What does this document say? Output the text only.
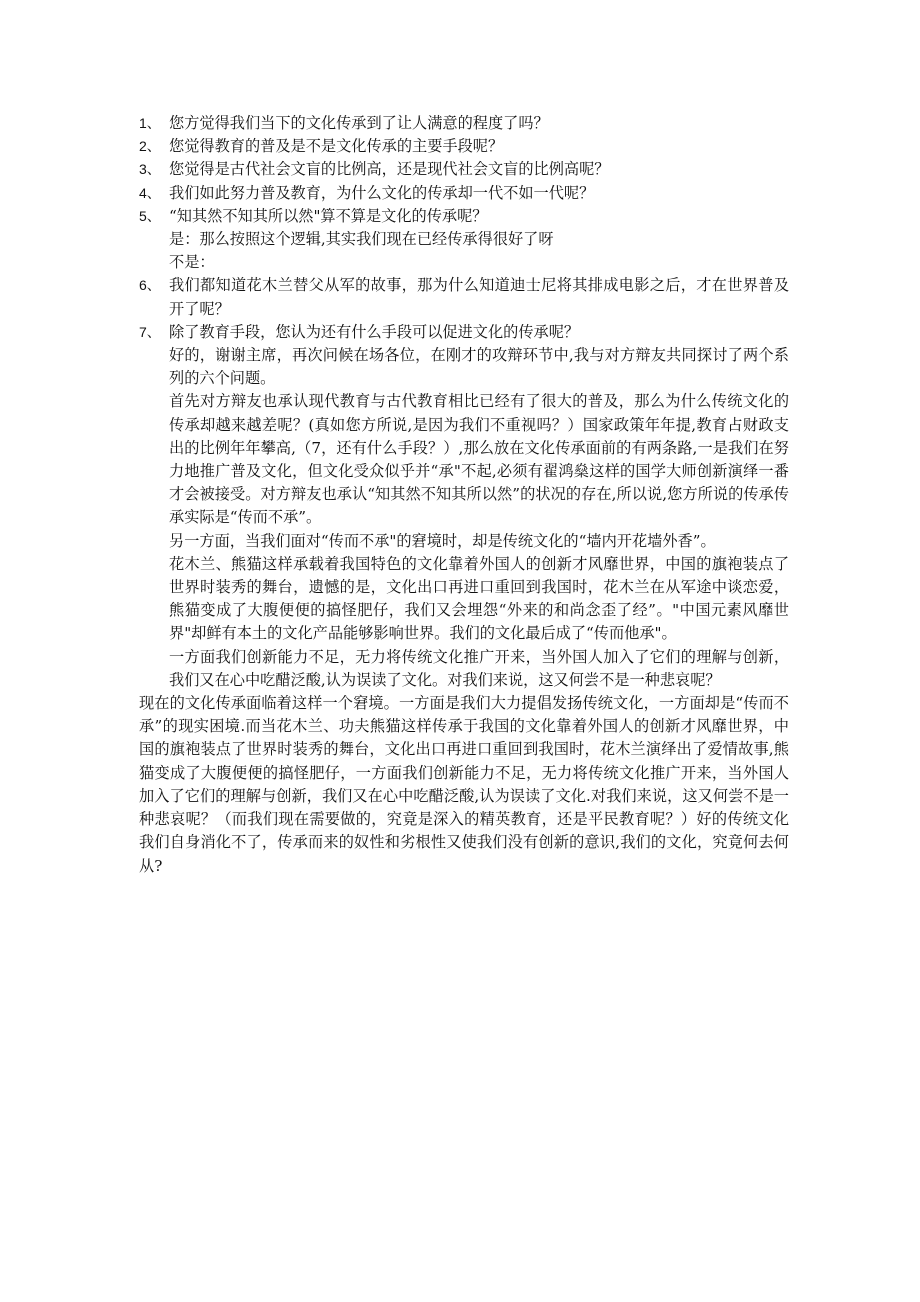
1、 您方觉得我们当下的文化传承到了让人满意的程度了吗？

2、 您觉得教育的普及是不是文化传承的主要手段呢？

3、 您觉得是古代社会文盲的比例高，还是现代社会文盲的比例高呢？

4、 我们如此努力普及教育，为什么文化的传承却一代不如一代呢？

5、 “知其然不知其所以然"算不算是文化的传承呢？

是：那么按照这个逻辑,其实我们现在已经传承得很好了呀

不是：

6、 我们都知道花木兰替父从军的故事，那为什么知道迪士尼将其排成电影之后，才在世界普及开了呢？

7、 除了教育手段，您认为还有什么手段可以促进文化的传承呢？

好的，谢谢主席，再次问候在场各位，在刚才的攻辩环节中,我与对方辩友共同探讨了两个系列的六个问题。

首先对方辩友也承认现代教育与古代教育相比已经有了很大的普及，那么为什么传统文化的传承却越来越差呢？(真如您方所说,是因为我们不重视吗？）国家政策年年提,教育占财政支出的比例年年攀高,（7，还有什么手段？）,那么放在文化传承面前的有两条路,一是我们在努力地推广普及文化，但文化受众似乎并“承"不起,必须有翟鸿燊这样的国学大师创新演绎一番才会被接受。对方辩友也承认“知其然不知其所以然”的状况的存在,所以说,您方所说的传承传承实际是“传而不承”。

另一方面，当我们面对“传而不承"的窘境时，却是传统文化的“墙内开花墙外香”。

花木兰、熊猫这样承载着我国特色的文化靠着外国人的创新才风靡世界，中国的旗袍装点了世界时装秀的舞台，遗憾的是，文化出口再进口重回到我国时，花木兰在从军途中谈恋爱，熊猫变成了大腹便便的搞怪肥仔，我们又会埋怨“外来的和尚念歪了经”。"中国元素风靡世界"却鲜有本土的文化产品能够影响世界。我们的文化最后成了“传而他承"。

一方面我们创新能力不足，无力将传统文化推广开来，当外国人加入了它们的理解与创新，我们又在心中吃醋泛酸,认为误读了文化。对我们来说，这又何尝不是一种悲哀呢？

现在的文化传承面临着这样一个窘境。一方面是我们大力提倡发扬传统文化，一方面却是“传而不承”的现实困境.而当花木兰、功夫熊猫这样传承于我国的文化靠着外国人的创新才风靡世界，中国的旗袍装点了世界时装秀的舞台，文化出口再进口重回到我国时，花木兰演绎出了爱情故事,熊猫变成了大腹便便的搞怪肥仔，一方面我们创新能力不足，无力将传统文化推广开来，当外国人加入了它们的理解与创新，我们又在心中吃醋泛酸,认为误读了文化.对我们来说，这又何尝不是一种悲哀呢？（而我们现在需要做的，究竟是深入的精英教育，还是平民教育呢？）好的传统文化我们自身消化不了，传承而来的奴性和劣根性又使我们没有创新的意识,我们的文化，究竟何去何从?
